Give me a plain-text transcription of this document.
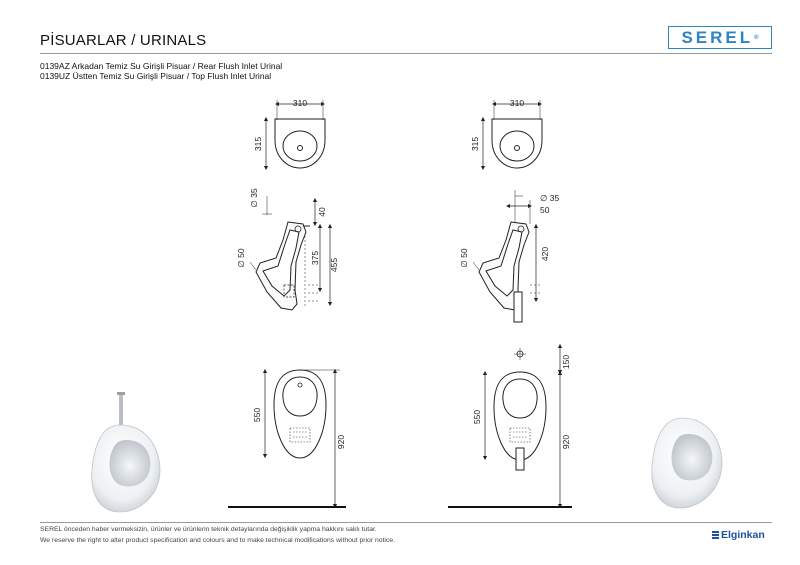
PİSUARLAR / URINALS	SEREL ®
0139AZ Arkadan Temiz Su Girişli Pisuar / Rear Flush Inlet Urinal
0139UZ Üstten Temiz Su Girişli Pisuar / Top Flush Inlet Urinal
310
315
∅ 35
40
∅ 50	375 455
550
920
310
315
∅ 35
50
∅ 50	420
150
550
920
SEREL önceden haber vermeksizin, ürünler ve ürünlerin teknik detaylarında değişiklik yapma hakkını saklı tutar.
We reserve the right to alter product specification and colours and to make technical modifications without prior notice.	Elginkan
